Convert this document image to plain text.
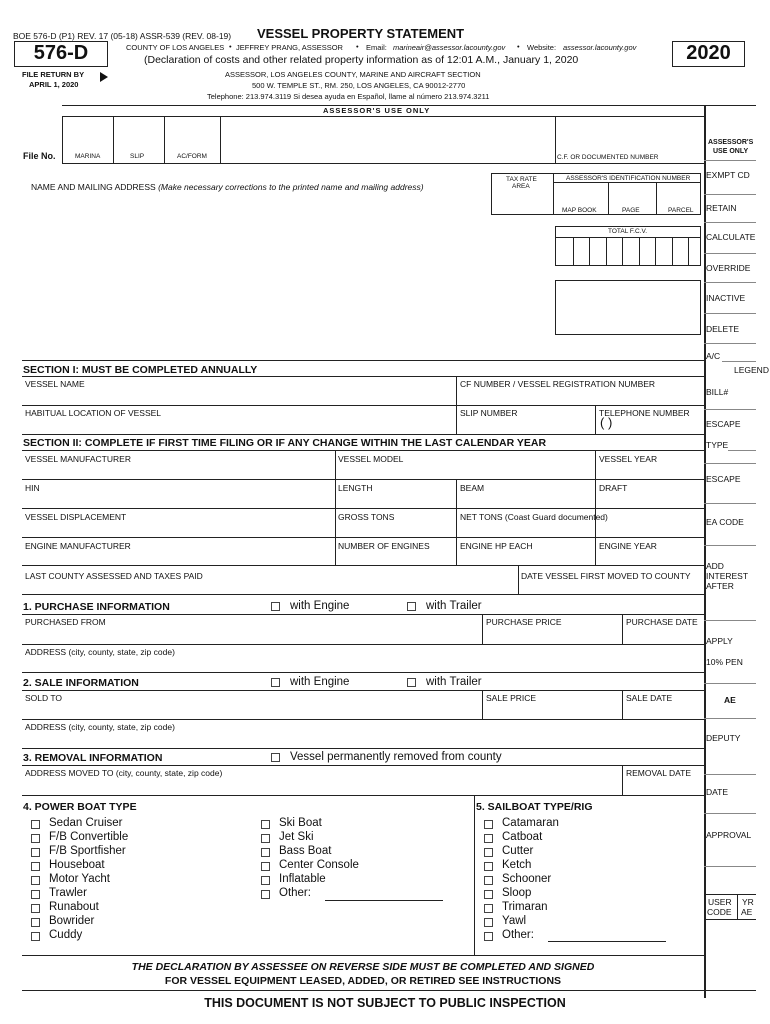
BOE 576-D (P1) REV. 17 (05-18) ASSR-539 (REV. 08-19) VESSEL PROPERTY STATEMENT
576-D	2020
COUNTY OF LOS ANGELES • JEFFREY PRANG, ASSESSOR • Email: marineair@assessor.lacounty.gov • Website: assessor.lacounty.gov
(Declaration of costs and other related property information as of 12:01 A.M., January 1, 2020
FILE RETURN BY
APRIL 1, 2020
ASSESSOR, LOS ANGELES COUNTY, MARINE AND AIRCRAFT SECTION
500 W. TEMPLE ST., RM. 250, LOS ANGELES, CA 90012-2770
Telephone: 213.974.3119 Si desea ayuda en Español, llame al número 213.974.3211
ASSESSOR'S USE ONLY
File No.	MARINA	SLIP	AC/FORM	C.F. OR DOCUMENTED NUMBER
NAME AND MAILING ADDRESS (Make necessary corrections to the printed name and mailing address)
TAX RATE
AREA
ASSESSOR'S IDENTIFICATION NUMBER
MAP BOOK	PAGE	PARCEL
TOTAL F.C.V.
ASSESSOR'S
USE ONLY
EXMPT CD
RETAIN
CALCULATE
OVERRIDE
INACTIVE
DELETE
A/C
LEGEND
BILL#
ESCAPE
TYPE
ESCAPE
EA CODE
ADD
INTEREST
AFTER
APPLY
10% PEN
AE
DEPUTY
DATE
APPROVAL
USER
CODE
YR
AE
SECTION I: MUST BE COMPLETED ANNUALLY
VESSEL NAME	CF NUMBER / VESSEL REGISTRATION NUMBER
HABITUAL LOCATION OF VESSEL	SLIP NUMBER	TELEPHONE NUMBER
( )
SECTION II: COMPLETE IF FIRST TIME FILING OR IF ANY CHANGE WITHIN THE LAST CALENDAR YEAR
VESSEL MANUFACTURER	VESSEL MODEL	VESSEL YEAR
HIN	LENGTH	BEAM	DRAFT
VESSEL DISPLACEMENT	GROSS TONS	NET TONS (Coast Guard documented)
ENGINE MANUFACTURER	NUMBER OF ENGINES	ENGINE HP EACH	ENGINE YEAR
LAST COUNTY ASSESSED AND TAXES PAID	DATE VESSEL FIRST MOVED TO COUNTY
1. PURCHASE INFORMATION	with Engine	with Trailer
PURCHASED FROM	PURCHASE PRICE	PURCHASE DATE
ADDRESS (city, county, state, zip code)
2. SALE INFORMATION	with Engine	with Trailer
SOLD TO	SALE PRICE	SALE DATE
ADDRESS (city, county, state, zip code)
3. REMOVAL INFORMATION	Vessel permanently removed from county
ADDRESS MOVED TO (city, county, state, zip code)	REMOVAL DATE
4. POWER BOAT TYPE	5. SAILBOAT TYPE/RIG
Sedan Cruiser
F/B Convertible
F/B Sportfisher
Houseboat
Motor Yacht
Trawler
Runabout
Bowrider
Cuddy
Ski Boat
Jet Ski
Bass Boat
Center Console
Inflatable
Other:
Catamaran
Catboat
Cutter
Ketch
Schooner
Sloop
Trimaran
Yawl
Other:
THE DECLARATION BY ASSESSEE ON REVERSE SIDE MUST BE COMPLETED AND SIGNED
FOR VESSEL EQUIPMENT LEASED, ADDED, OR RETIRED SEE INSTRUCTIONS
THIS DOCUMENT IS NOT SUBJECT TO PUBLIC INSPECTION
